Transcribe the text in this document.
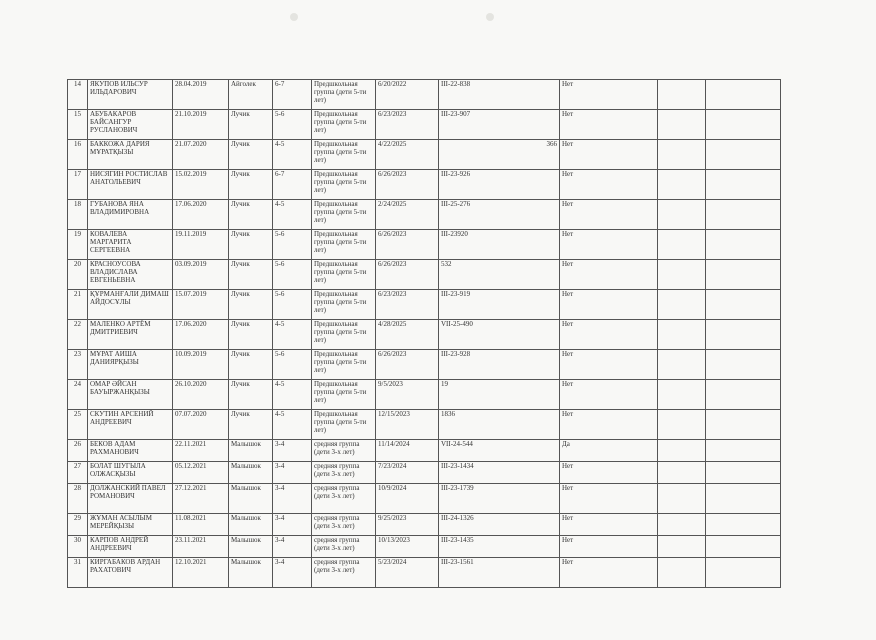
14	ЯКУПОВ ИЛЬСУР ИЛЬДАРОВИЧ	28.04.2019	Айголек	6-7	Предшкольная группа (дети 5-ти лет)	6/20/2022	III-22-838	Нет		
15	АБУБАКАРОВ БАЙСАНГУР РУСЛАНОВИЧ	21.10.2019	Лучик	5-6	Предшкольная группа (дети 5-ти лет)	6/23/2023	III-23-907	Нет		
16	БАККОЖА ДАРИЯ МҰРАТҚЫЗЫ	21.07.2020	Лучик	4-5	Предшкольная группа (дети 5-ти лет)	4/22/2025	366	Нет		
17	НИСЯГИН РОСТИСЛАВ АНАТОЛЬЕВИЧ	15.02.2019	Лучик	6-7	Предшкольная группа (дети 5-ти лет)	6/26/2023	III-23-926	Нет		
18	ГУБАНОВА ЯНА ВЛАДИМИРОВНА	17.06.2020	Лучик	4-5	Предшкольная группа (дети 5-ти лет)	2/24/2025	III-25-276	Нет		
19	КОВАЛЕВА МАРГАРИТА СЕРГЕЕВНА	19.11.2019	Лучик	5-6	Предшкольная группа (дети 5-ти лет)	6/26/2023	III-23920	Нет		
20	КРАСНОУСОВА ВЛАДИСЛАВА ЕВГЕНЬЕВНА	03.09.2019	Лучик	5-6	Предшкольная группа (дети 5-ти лет)	6/26/2023	532	Нет		
21	ҚҰРМАНҒАЛИ ДИМАШ АЙДОСҰЛЫ	15.07.2019	Лучик	5-6	Предшкольная группа (дети 5-ти лет)	6/23/2023	III-23-919	Нет		
22	МАЛЕНКО АРТЁМ ДМИТРИЕВИЧ	17.06.2020	Лучик	4-5	Предшкольная группа (дети 5-ти лет)	4/28/2025	VII-25-490	Нет		
23	МҰРАТ АИША ДАНИЯРҚЫЗЫ	10.09.2019	Лучик	5-6	Предшкольная группа (дети 5-ти лет)	6/26/2023	III-23-928	Нет		
24	ОМАР ӘЙСАН БАУЫРЖАНҚЫЗЫ	26.10.2020	Лучик	4-5	Предшкольная группа (дети 5-ти лет)	9/5/2023	19	Нет		
25	СКУТИН АРСЕНИЙ АНДРЕЕВИЧ	07.07.2020	Лучик	4-5	Предшкольная группа (дети 5-ти лет)	12/15/2023	1836	Нет		
26	БЕКОВ АДАМ РАХМАНОВИЧ	22.11.2021	Малышок	3-4	средняя группа (дети 3-х лет)	11/14/2024	VII-24-544	Да		
27	БОЛАТ ШУГЫЛА ОЛЖАСҚЫЗЫ	05.12.2021	Малышок	3-4	средняя группа (дети 3-х лет)	7/23/2024	III-23-1434	Нет		
28	ДОЛЖАНСКИЙ ПАВЕЛ РОМАНОВИЧ	27.12.2021	Малышок	3-4	средняя группа (дети 3-х лет)	10/9/2024	III-23-1739	Нет		
29	ЖҰМАН АСЫЛЫМ МЕРЕЙҚЫЗЫ	11.08.2021	Малышок	3-4	средняя группа (дети 3-х лет)	9/25/2023	III-24-1326	Нет		
30	КАРПОВ АНДРЕЙ АНДРЕЕВИЧ	23.11.2021	Малышок	3-4	средняя группа (дети 3-х лет)	10/13/2023	III-23-1435	Нет		
31	КИРГАБАКОВ АРДАН РАХАТОВИЧ	12.10.2021	Малышок	3-4	средняя группа (дети 3-х лет)	5/23/2024	III-23-1561	Нет		
